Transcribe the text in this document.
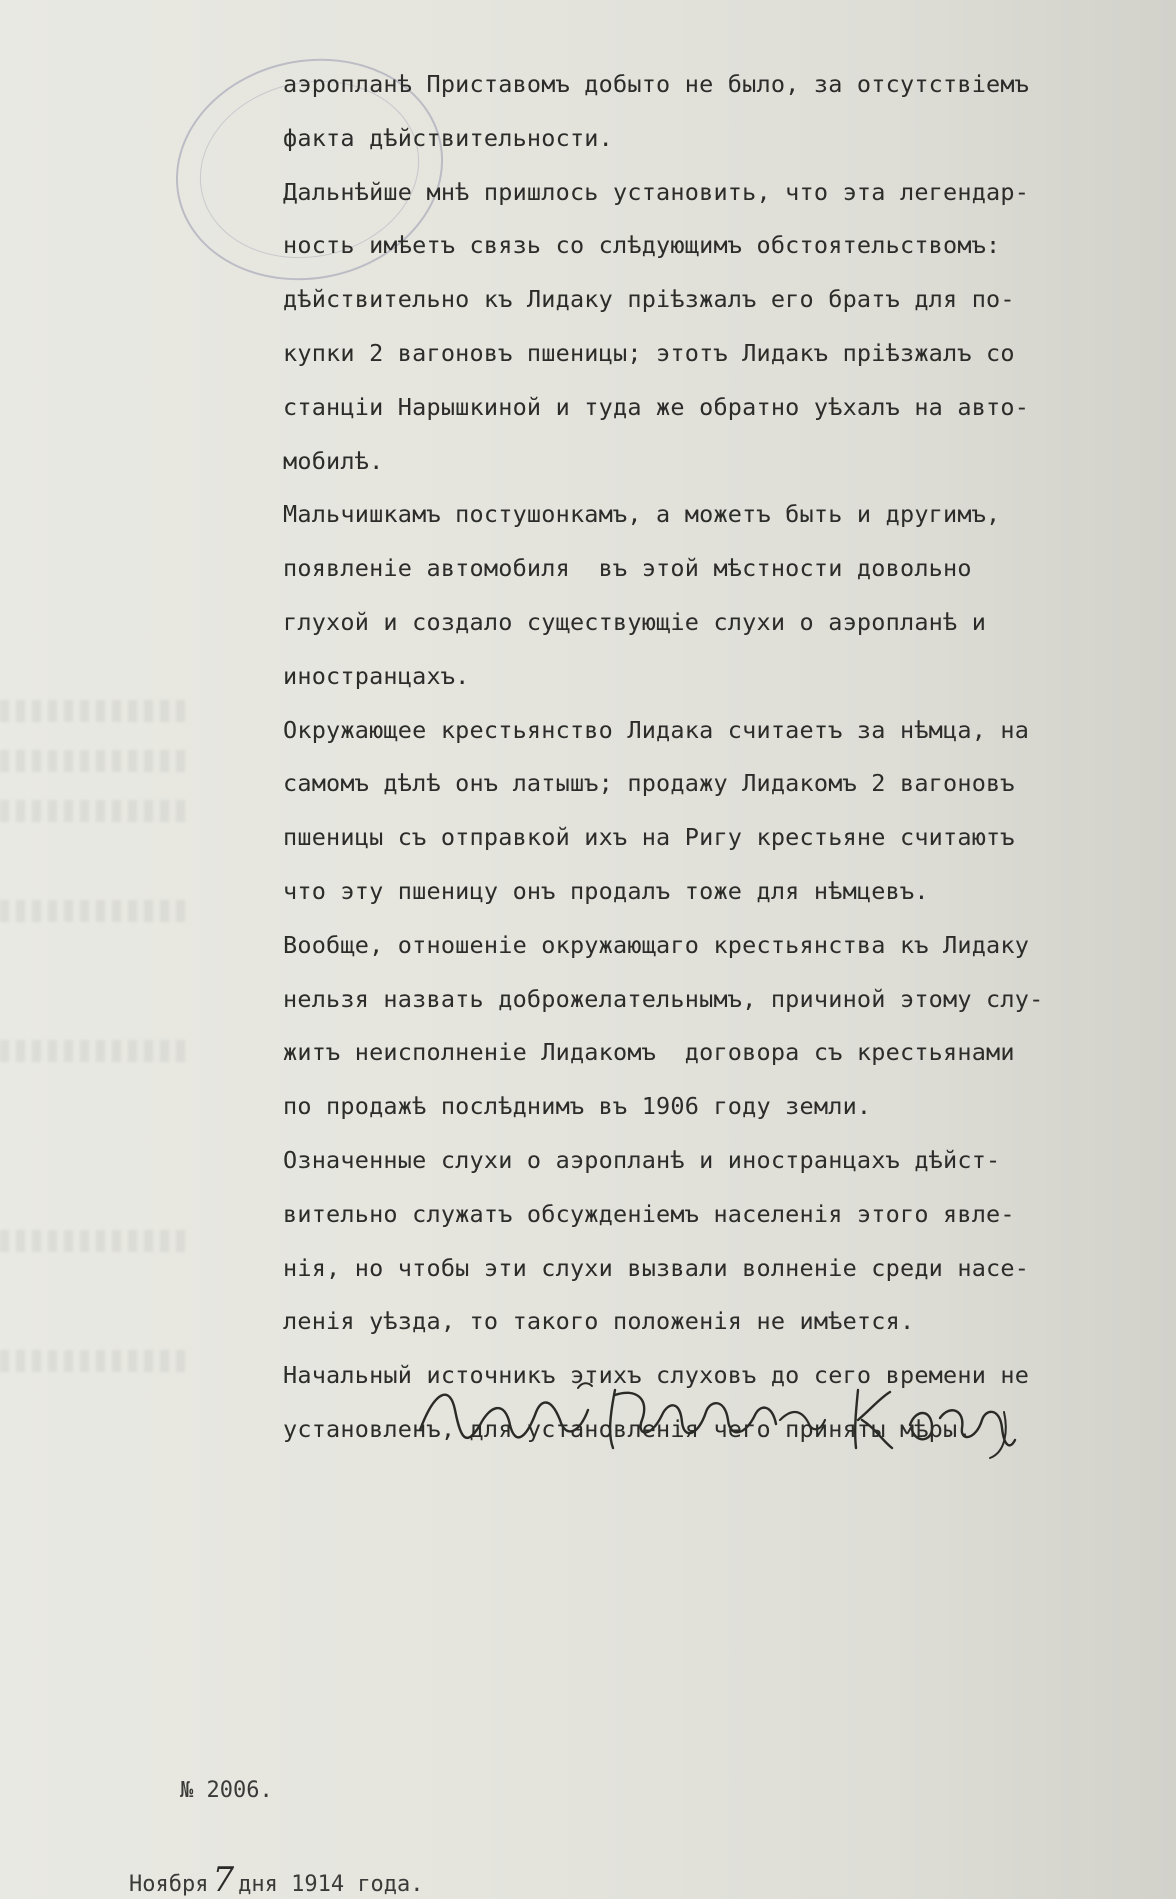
аэропланѣ Приставомъ добыто не было, за отсутствіемъ
факта дѣйствительности.
Дальнѣйше мнѣ пришлось установить, что эта легендар-
ность имѣетъ связь со слѣдующимъ обстоятельствомъ:
дѣйствительно къ Лидаку пріѣзжалъ его братъ для по-
купки 2 вагоновъ пшеницы; этотъ Лидакъ пріѣзжалъ со
станціи Нарышкиной и туда же обратно уѣхалъ на авто-
мобилѣ.
Мальчишкамъ постушонкамъ, а можетъ быть и другимъ,
появленіе автомобиля  въ этой мѣстности довольно
глухой и создало существующіе слухи о аэропланѣ и
иностранцахъ.
Окружающее крестьянство Лидака считаетъ за нѣмца, на
самомъ дѣлѣ онъ латышъ; продажу Лидакомъ 2 вагоновъ
пшеницы съ отправкой ихъ на Ригу крестьяне считаютъ
что эту пшеницу онъ продалъ тоже для нѣмцевъ.
Вообще, отношеніе окружающаго крестьянства къ Лидаку
нельзя назвать доброжелательнымъ, причиной этому слу-
житъ неисполненіе Лидакомъ  договора съ крестьянами
по продажѣ послѣднимъ въ 1906 году земли.
Означенные слухи о аэропланѣ и иностранцахъ дѣйст-
вительно служатъ обсужденіемъ населенія этого явле-
нія, но чтобы эти слухи вызвали волненіе среди насе-
ленія уѣзда, то такого положенія не имѣется.
Начальный источникъ этихъ слуховъ до сего времени не
установленъ, для установленія чего приняты мѣры.
№ 2006.

Ноября 7 дня 1914 года.
